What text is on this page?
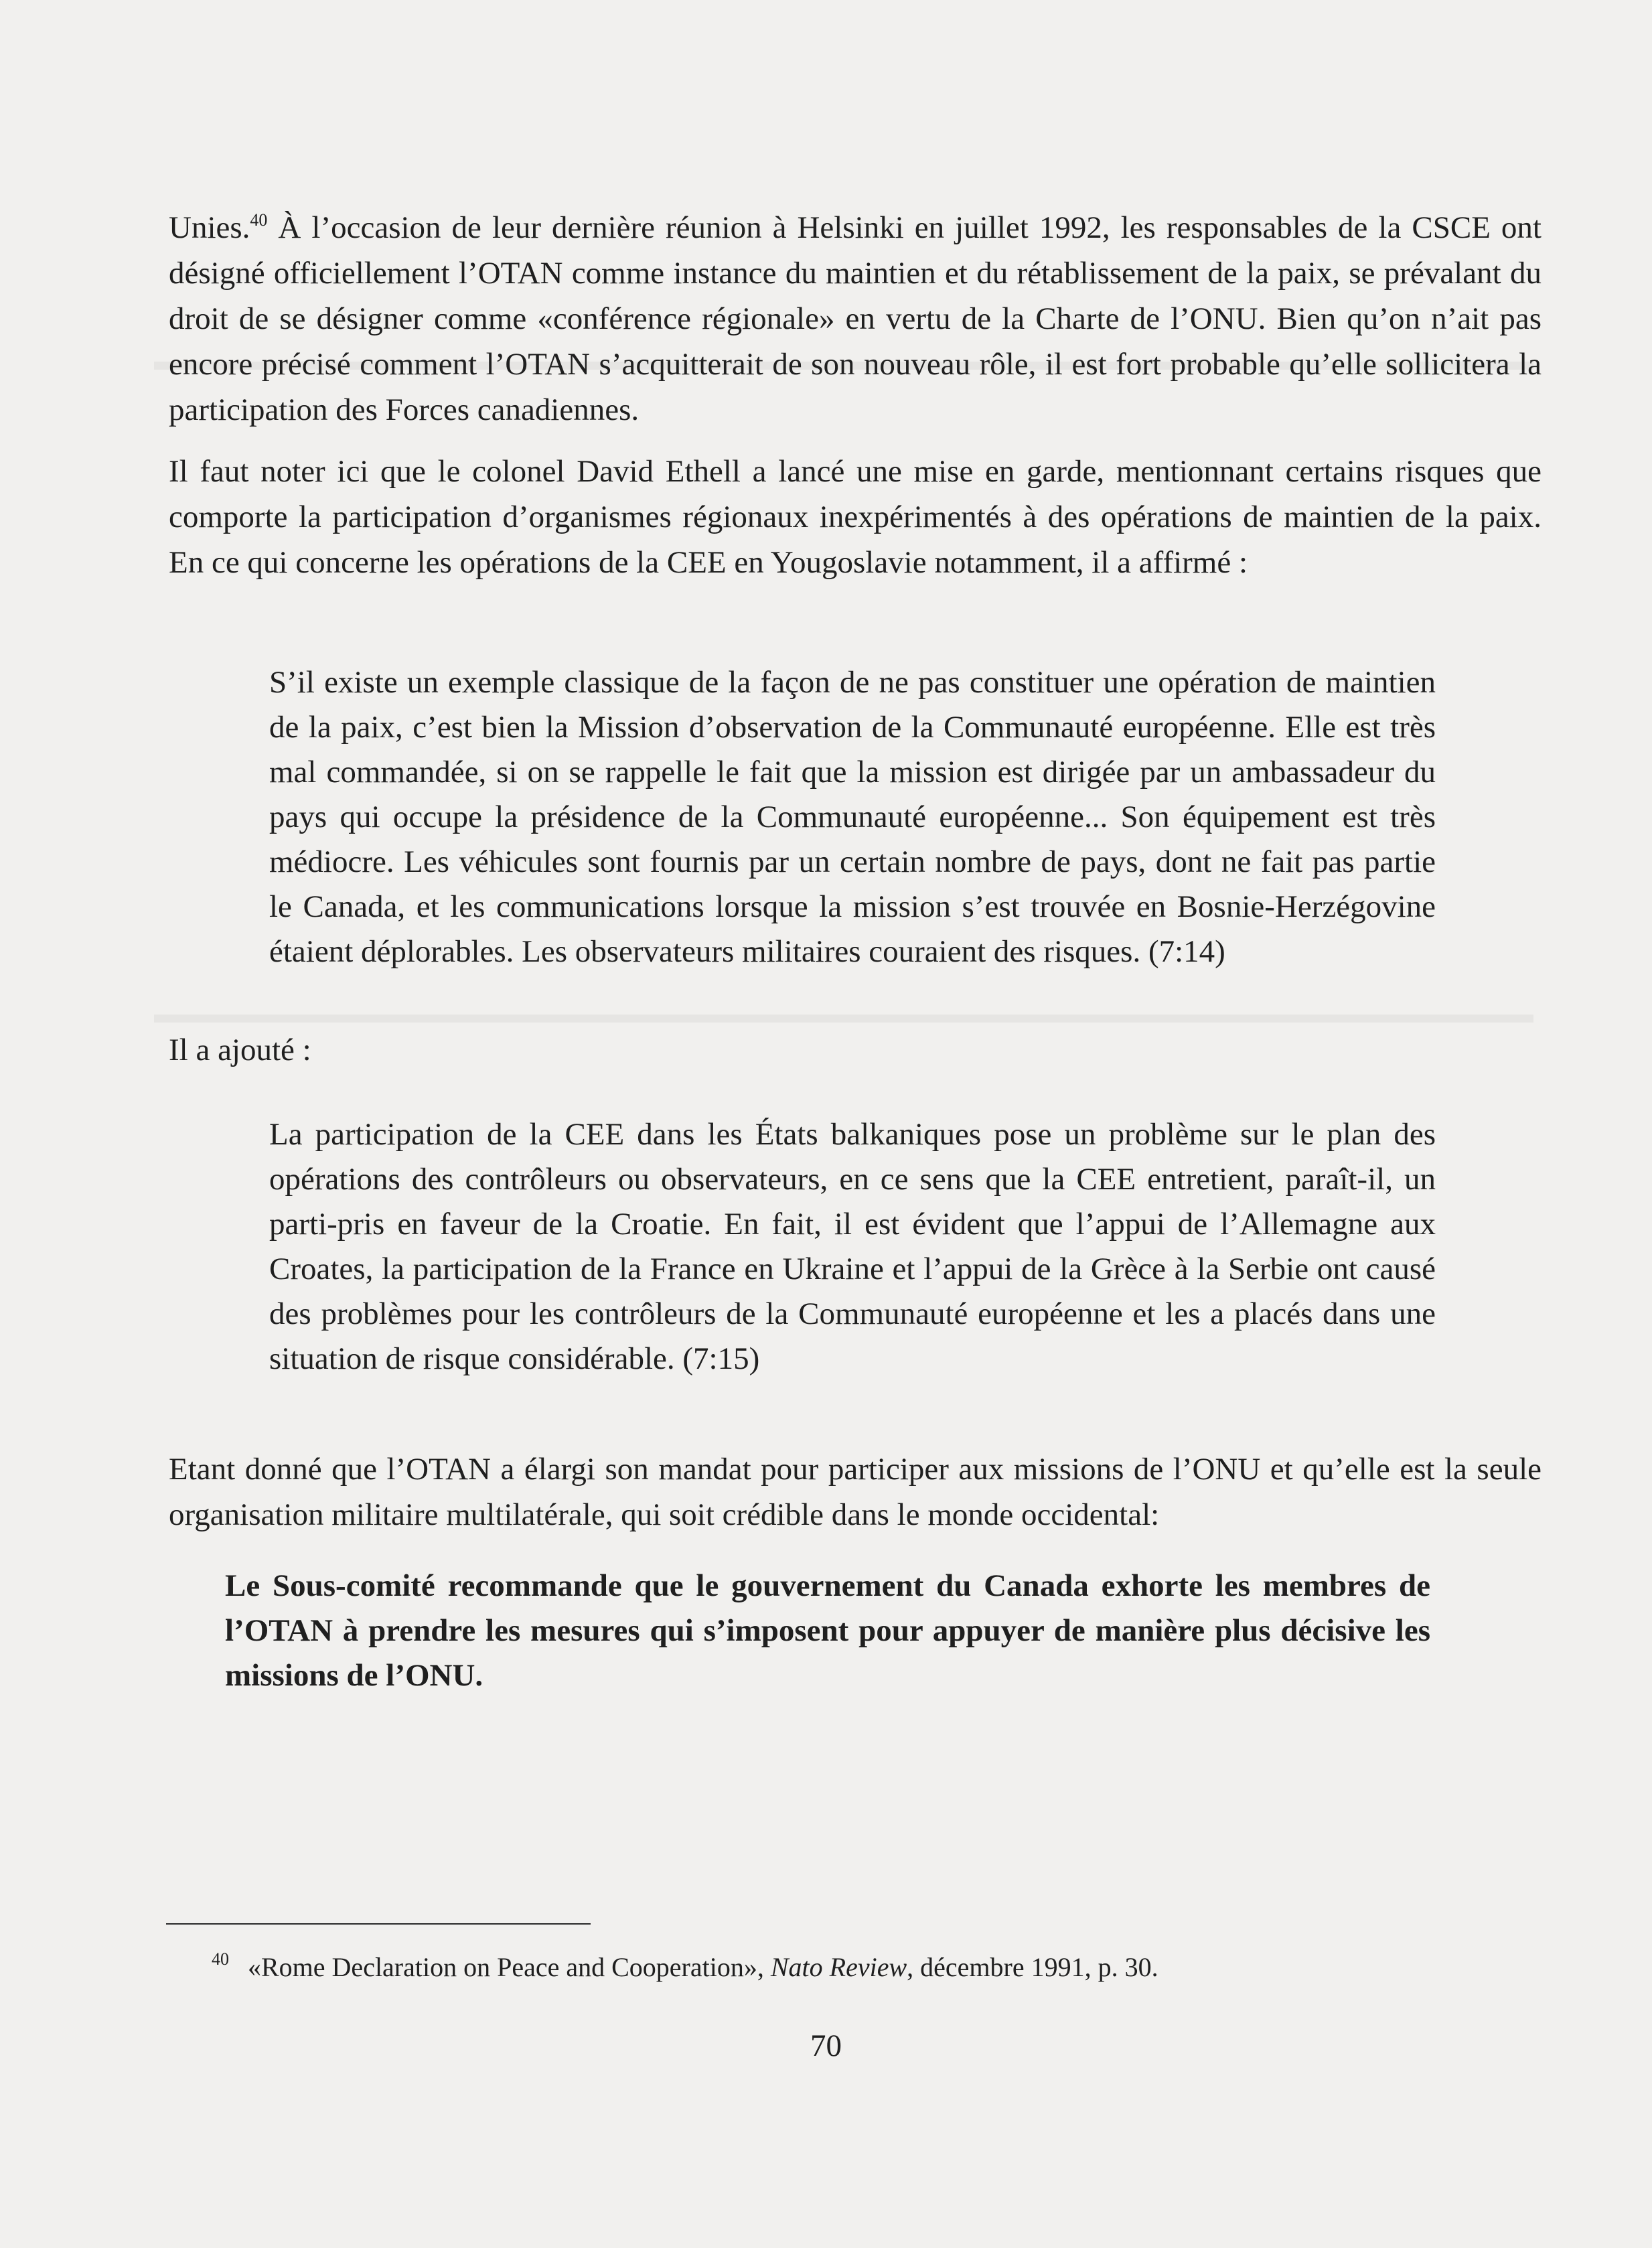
Unies.$^{40}$ À l’occasion de leur dernière réunion à Helsinki en juillet 1992, les responsables de la CSCE ont désigné officiellement l’OTAN comme instance du maintien et du rétablissement de la paix, se prévalant du droit de se désigner comme «conférence régionale» en vertu de la Charte de l’ONU. Bien qu’on n’ait pas encore précisé comment l’OTAN s’acquitterait de son nouveau rôle, il est fort probable qu’elle sollicitera la participation des Forces canadiennes.

Il faut noter ici que le colonel David Ethell a lancé une mise en garde, mentionnant certains risques que comporte la participation d’organismes régionaux inexpérimentés à des opérations de maintien de la paix. En ce qui concerne les opérations de la CEE en Yougoslavie notamment, il a affirmé :

S’il existe un exemple classique de la façon de ne pas constituer une opération de maintien de la paix, c’est bien la Mission d’observation de la Communauté européenne. Elle est très mal commandée, si on se rappelle le fait que la mission est dirigée par un ambassadeur du pays qui occupe la présidence de la Communauté européenne... Son équipement est très médiocre. Les véhicules sont fournis par un certain nombre de pays, dont ne fait pas partie le Canada, et les communications lorsque la mission s’est trouvée en Bosnie-Herzégovine étaient déplorables. Les observateurs militaires couraient des risques. (7:14)

Il a ajouté :

La participation de la CEE dans les États balkaniques pose un problème sur le plan des opérations des contrôleurs ou observateurs, en ce sens que la CEE entretient, paraît-il, un parti-pris en faveur de la Croatie. En fait, il est évident que l’appui de l’Allemagne aux Croates, la participation de la France en Ukraine et l’appui de la Grèce à la Serbie ont causé des problèmes pour les contrôleurs de la Communauté européenne et les a placés dans une situation de risque considérable. (7:15)

Etant donné que l’OTAN a élargi son mandat pour participer aux missions de l’ONU et qu’elle est la seule organisation militaire multilatérale, qui soit crédible dans le monde occidental:

Le Sous-comité recommande que le gouvernement du Canada exhorte les membres de l’OTAN à prendre les mesures qui s’imposent pour appuyer de manière plus décisive les missions de l’ONU.

40 «Rome Declaration on Peace and Cooperation», Nato Review, décembre 1991, p. 30.

70
